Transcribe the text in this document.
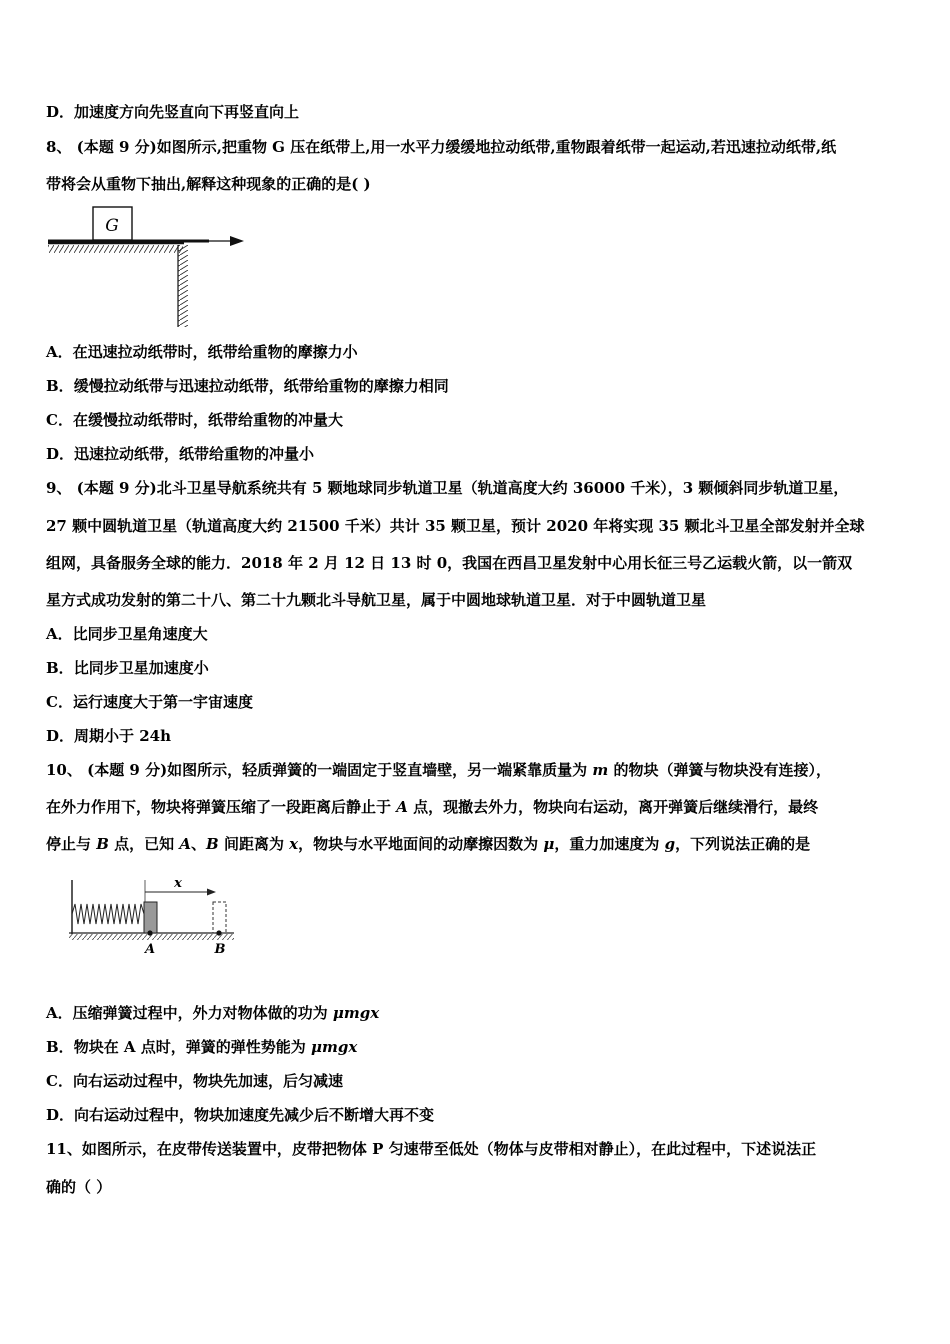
D．加速度方向先竖直向下再竖直向上
8、 (本题 9 分)如图所示,把重物 G 压在纸带上,用一水平力缓缓地拉动纸带,重物跟着纸带一起运动,若迅速拉动纸带,纸
带将会从重物下抽出,解释这种现象的正确的是( )
G
A．在迅速拉动纸带时，纸带给重物的摩擦力小
B．缓慢拉动纸带与迅速拉动纸带，纸带给重物的摩擦力相同
C．在缓慢拉动纸带时，纸带给重物的冲量大
D．迅速拉动纸带，纸带给重物的冲量小
9、 (本题 9 分)北斗卫星导航系统共有 5 颗地球同步轨道卫星（轨道高度大约 36000 千米），3 颗倾斜同步轨道卫星，
27 颗中圆轨道卫星（轨道高度大约 21500 千米）共计 35 颗卫星，预计 2020 年将实现 35 颗北斗卫星全部发射并全球
组网，具备服务全球的能力．2018 年 2 月 12 日 13 时 0，我国在西昌卫星发射中心用长征三号乙运载火箭，以一箭双
星方式成功发射的第二十八、第二十九颗北斗导航卫星，属于中圆地球轨道卫星．对于中圆轨道卫星
A．比同步卫星角速度大
B．比同步卫星加速度小
C．运行速度大于第一宇宙速度
D．周期小于 24h
10、 (本题 9 分)如图所示，轻质弹簧的一端固定于竖直墙壁，另一端紧靠质量为 m 的物块（弹簧与物块没有连接），
在外力作用下，物块将弹簧压缩了一段距离后静止于 A 点，现撤去外力，物块向右运动，离开弹簧后继续滑行，最终
停止与 B 点，已知 A、B 间距离为 x，物块与水平地面间的动摩擦因数为 μ，重力加速度为 g，下列说法正确的是
x
A	B
A．压缩弹簧过程中，外力对物体做的功为 μmgx
B．物块在 A 点时，弹簧的弹性势能为 μmgx
C．向右运动过程中，物块先加速，后匀减速
D．向右运动过程中，物块加速度先减少后不断增大再不变
11、如图所示，在皮带传送装置中，皮带把物体 P 匀速带至低处（物体与皮带相对静止），在此过程中，下述说法正
确的（ ）
